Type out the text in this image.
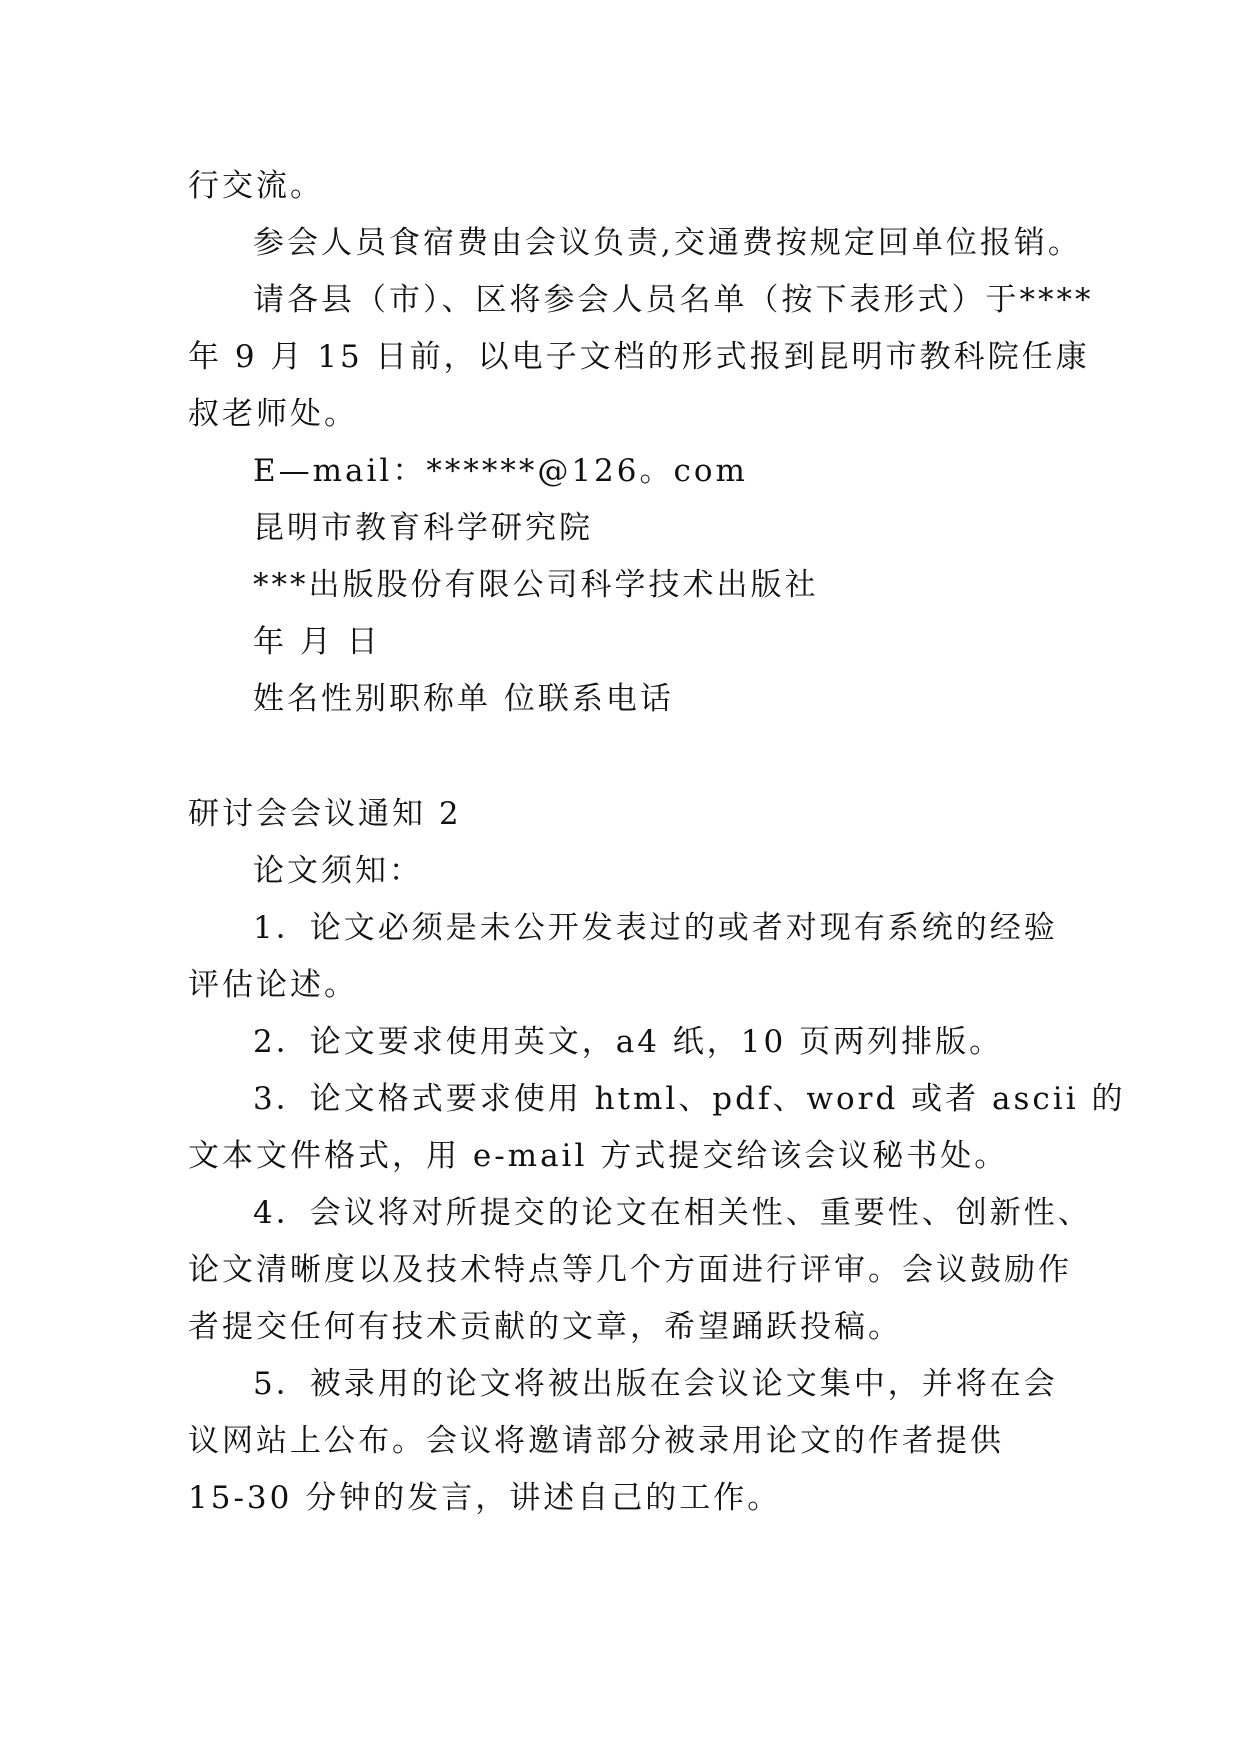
行交流。
参会人员食宿费由会议负责,交通费按规定回单位报销。
请各县（市）、区将参会人员名单（按下表形式）于****
年 9 月 15 日前，以电子文档的形式报到昆明市教科院任康
叔老师处。
E—mail：******@126。com
昆明市教育科学研究院
***出版股份有限公司科学技术出版社
年 月 日
姓名性别职称单 位联系电话
研讨会会议通知 2
论文须知：
1．论文必须是未公开发表过的或者对现有系统的经验
评估论述。
2．论文要求使用英文，a4 纸，10 页两列排版。
3．论文格式要求使用 html、pdf、word 或者 ascii 的
文本文件格式，用 e-mail 方式提交给该会议秘书处。
4．会议将对所提交的论文在相关性、重要性、创新性、
论文清晰度以及技术特点等几个方面进行评审。会议鼓励作
者提交任何有技术贡献的文章，希望踊跃投稿。
5．被录用的论文将被出版在会议论文集中，并将在会
议网站上公布。会议将邀请部分被录用论文的作者提供
15-30 分钟的发言，讲述自己的工作。
